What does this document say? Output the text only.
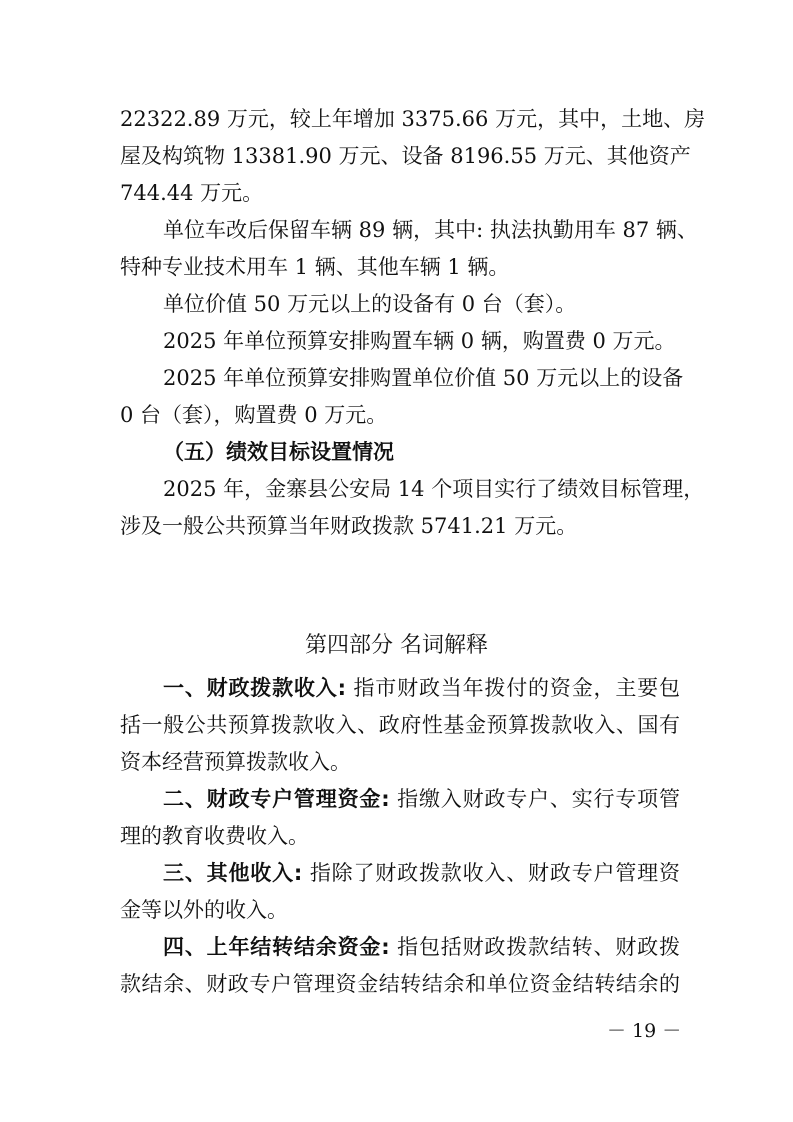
22322.89 万元，较上年增加 3375.66 万元，其中，土地、房
屋及构筑物 13381.90 万元、设备 8196.55 万元、其他资产
744.44 万元。
单位车改后保留车辆 89 辆，其中: 执法执勤用车 87 辆、
特种专业技术用车 1 辆、其他车辆 1 辆。
单位价值 50 万元以上的设备有 0 台（套）。
2025 年单位预算安排购置车辆 0 辆，购置费 0 万元。
2025 年单位预算安排购置单位价值 50 万元以上的设备
0 台（套），购置费 0 万元。
（五）绩效目标设置情况
2025 年，金寨县公安局 14 个项目实行了绩效目标管理，
涉及一般公共预算当年财政拨款 5741.21 万元。
第四部分 名词解释
一、财政拨款收入: 指市财政当年拨付的资金，主要包
括一般公共预算拨款收入、政府性基金预算拨款收入、国有
资本经营预算拨款收入。
二、财政专户管理资金: 指缴入财政专户、实行专项管
理的教育收费收入。
三、其他收入: 指除了财政拨款收入、财政专户管理资
金等以外的收入。
四、上年结转结余资金: 指包括财政拨款结转、财政拨
款结余、财政专户管理资金结转结余和单位资金结转结余的
－ 19 －
